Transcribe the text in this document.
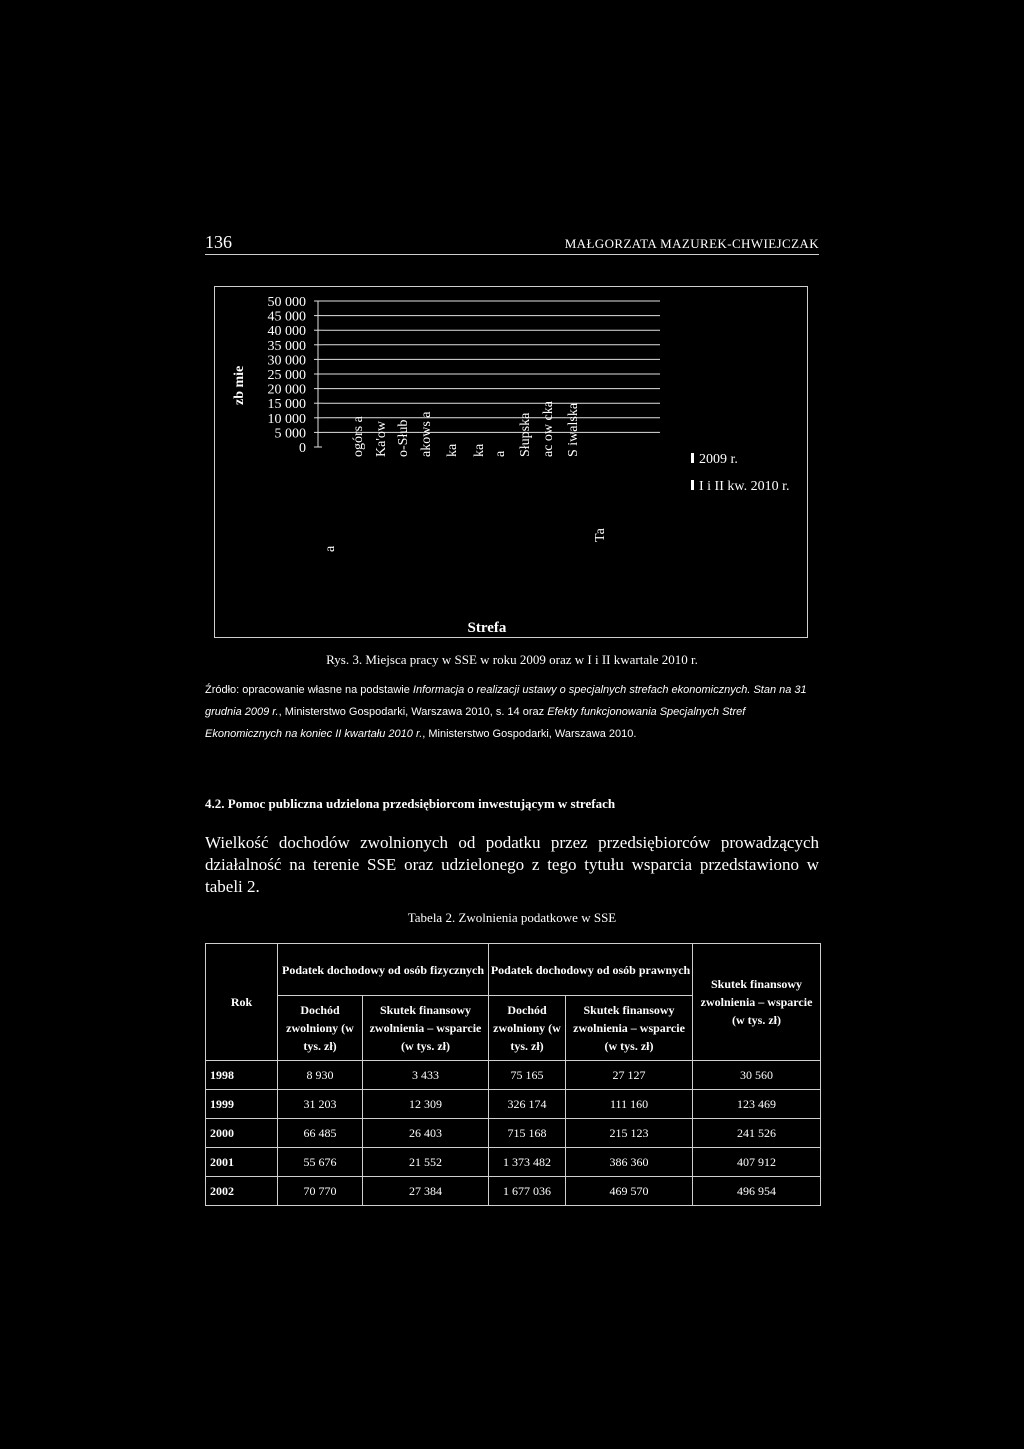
136	MAŁGORZATA MAZUREK-CHWIEJCZAK
50 000
45 000
40 000
35 000
30 000
25 000
20 000
15 000
10 000
5 000
0
zb mie
a
ogórs a Ka'ow o-Słub akows a ka ka a Słupska ac ow cka S iwalska
Ta
Strefa
2009 r.
I i II kw. 2010 r.
Rys. 3. Miejsca pracy w SSE w roku 2009 oraz w I i II kwartale 2010 r.
Źródło: opracowanie własne na podstawie Informacja o realizacji ustawy o specjalnych strefach ekonomicznych. Stan na 31 grudnia 2009 r., Ministerstwo Gospodarki, Warszawa 2010, s. 14 oraz Efekty funkcjonowania Specjalnych Stref Ekonomicznych na koniec II kwartału 2010 r., Ministerstwo Gospodarki, Warszawa 2010.
4.2. Pomoc publiczna udzielona przedsiębiorcom inwestującym w strefach
Wielkość dochodów zwolnionych od podatku przez przedsiębiorców prowadzących działalność na terenie SSE oraz udzielonego z tego tytułu wsparcia przedstawiono w tabeli 2.
Tabela 2. Zwolnienia podatkowe w SSE
Rok	Podatek dochodowy od osób fizycznych		Podatek dochodowy od osób prawnych		Skutek finansowy zwolnienia – wsparcie (w tys. zł)
	Dochód zwolniony (w tys. zł)	Skutek finansowy zwolnienia – wsparcie (w tys. zł)	Dochód zwolniony (w tys. zł)	Skutek finansowy zwolnienia – wsparcie (w tys. zł)	
1998	8 930	3 433	75 165	27 127	30 560
1999	31 203	12 309	326 174	111 160	123 469
2000	66 485	26 403	715 168	215 123	241 526
2001	55 676	21 552	1 373 482	386 360	407 912
2002	70 770	27 384	1 677 036	469 570	496 954
